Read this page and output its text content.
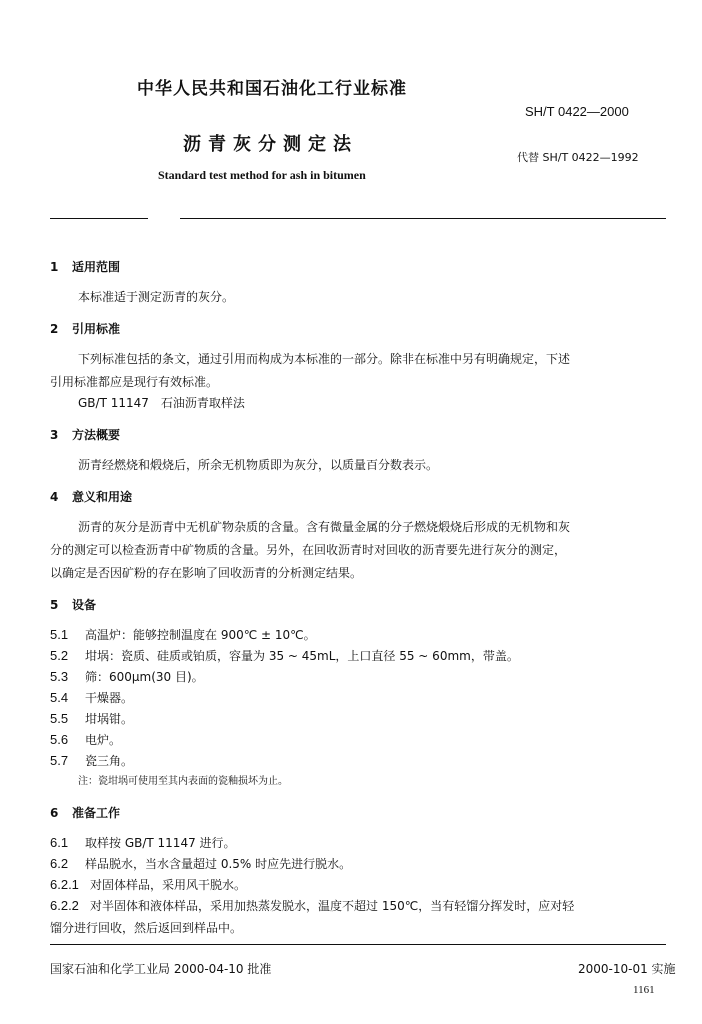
中华人民共和国石油化工行业标准
SH/T 0422—2000
沥青灰分测定法
代替 SH/T 0422—1992
Standard test method for ash in bitumen
1 适用范围
本标准适于测定沥青的灰分。
2 引用标准
下列标准包括的条文，通过引用而构成为本标准的一部分。除非在标准中另有明确规定，下述
引用标准都应是现行有效标准。
GB/T 11147　石油沥青取样法
3 方法概要
沥青经燃烧和煅烧后，所余无机物质即为灰分，以质量百分数表示。
4 意义和用途
沥青的灰分是沥青中无机矿物杂质的含量。含有微量金属的分子燃烧煅烧后形成的无机物和灰
分的测定可以检查沥青中矿物质的含量。另外，在回收沥青时对回收的沥青要先进行灰分的测定，
以确定是否因矿粉的存在影响了回收沥青的分析测定结果。
5 设备
5.1 高温炉：能够控制温度在 900℃ ± 10℃。
5.2 坩埚：瓷质、硅质或铂质，容量为 35 ~ 45mL，上口直径 55 ~ 60mm，带盖。
5.3 筛：600μm(30 目)。
5.4 干燥器。
5.5 坩埚钳。
5.6 电炉。
5.7 瓷三角。
注：瓷坩埚可使用至其内表面的瓷釉损坏为止。
6 准备工作
6.1 取样按 GB/T 11147 进行。
6.2 样品脱水，当水含量超过 0.5% 时应先进行脱水。
6.2.1 对固体样品，采用风干脱水。
6.2.2 对半固体和液体样品，采用加热蒸发脱水，温度不超过 150℃，当有轻馏分挥发时，应对轻
馏分进行回收，然后返回到样品中。
国家石油和化学工业局 2000-04-10 批准	2000-10-01 实施
1161
